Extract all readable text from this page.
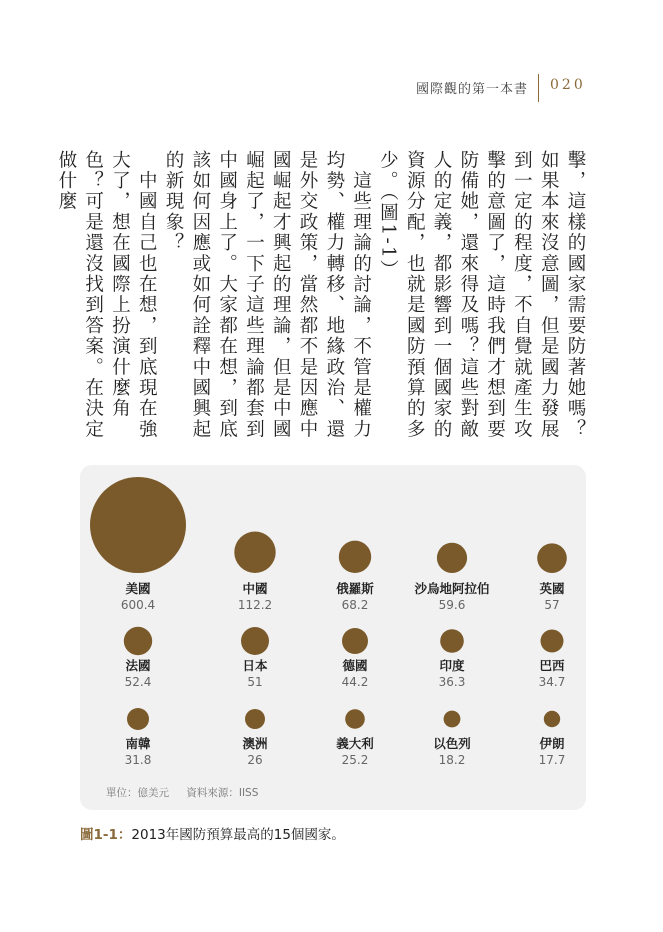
國際觀的第一本書 020

擊，這樣的國家需要防著她嗎？如果本來沒意圖，但是國力發展到一定的程度，不自覺就產生攻擊的意圖了，這時我們才想到要防備她，還來得及嗎？這些對敵人的定義，都影響到一個國家的資源分配，也就是國防預算的多少。（圖1-1）

　這些理論的討論，不管是權力均勢、權力轉移、地緣政治、還是外交政策，當然都不是因應中國崛起才興起的理論，但是中國崛起了，一下子這些理論都套到中國身上了。大家都在想，到底該如何因應或如何詮釋中國興起的新現象？

　中國自己也在想，到底現在強大了，想在國際上扮演什麼角色？可是還沒找到答案。在決定做什麼

美國
600.4
中國
112.2
俄羅斯
68.2
沙烏地阿拉伯
59.6
英國
57
法國
52.4
日本
51
德國
44.2
印度
36.3
巴西
34.7
南韓
31.8
澳洲
26
義大利
25.2
以色列
18.2
伊朗
17.7
單位：億美元 資料來源：IISS
圖1-1：2013年國防預算最高的15個國家。
